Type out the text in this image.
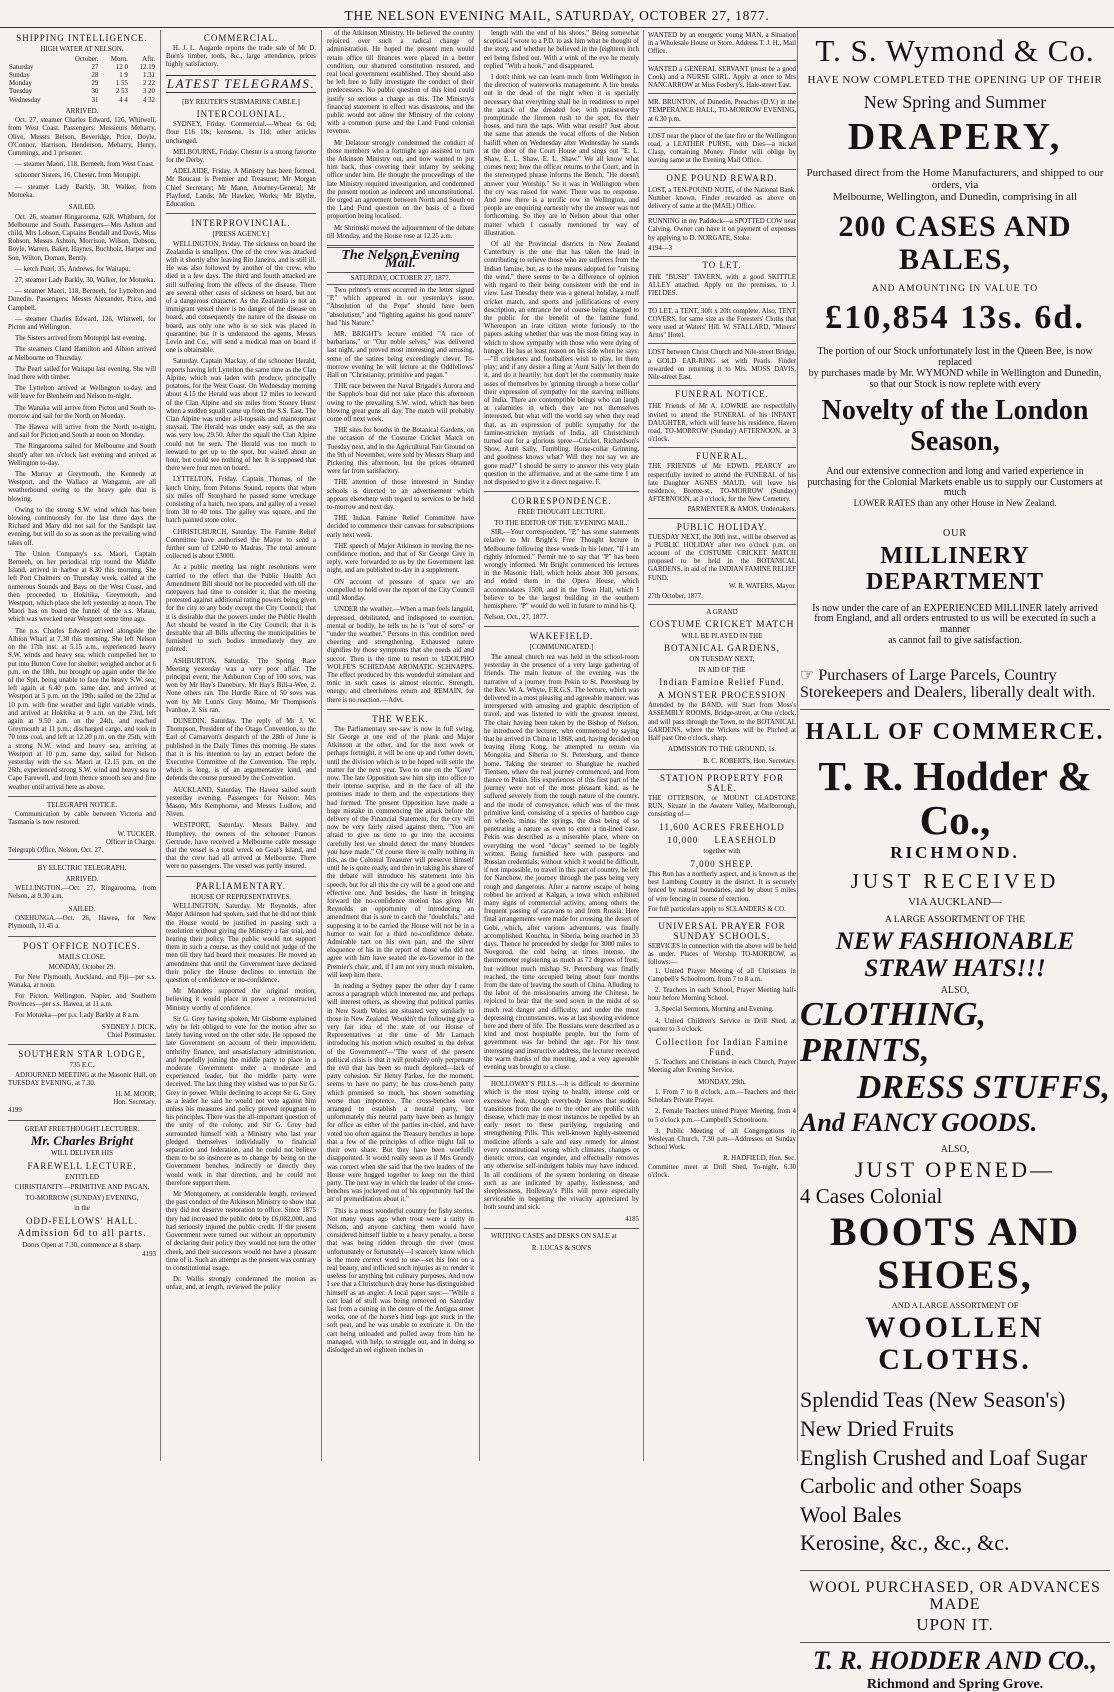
THE NELSON EVENING MAIL, SATURDAY, OCTOBER 27, 1877.
SHIPPING INTELLIGENCE.
HIGH WATER AT NELSON.
	October.	Morn.	Aftr.
Saturday	27	12 0	12.19
Sunday	28	1 9	1.31
Monday	29	1 55	2 22
Tuesday	30	2 53	3 20
Wednesday	31	4 4	4 32
ARRIVED.
Oct. 27, steamer Charles Edward, 126, Whitwell, from West Coast. Passengers: Messieurs Meharry, Olive, Messrs Belson, Beveridge, Price, Doyle, O'Connor, Harrison, Henderson, Meharry, Henry, Cummings, and 1 prisoner.
— steamer Maori, 118, Berneeh, from West Coast.
schooner Sisters, 16, Chester, from Motupipi.
— steamer Lady Barkly, 30, Walker, from Motueka.
SAILED.
Oct. 26, steamer Ringarooma, 628, Whitburn, for Melbourne and South. Passengers—Mrs Ashton and child, Mrs Lobson, Captains Bendall and Davis, Miss Robson, Messrs Ashton, Morrison, Wilson, Dobson, Boyle, Warren, Baker, Haynes, Buchholz, Harper and Son, Wilton, Doman, Bently.
— ketch Pearl, 35, Andrews, for Waitapu.
27, steamer Lady Barkly, 30, Walker, for Motueka.
— steamer Maori, 118, Berneeh, for Lyttelton and Dunedin. Passengers: Messrs Alexander, Price, and Campbell.
— steamer Charles Edward, 126, Whitwell, for Picton and Wellington.
The Sisters arrived from Motupipi last evening.
The steamers Cland Hamilton and Albion arrived at Melbourne on Thursday.
The Pearl sailed for Waitapu last evening. She will load there with timber.
The Lyttelton arrived at Wellington to-day, and will leave for Blenheim and Nelson to-night.
The Wanaka will arrive from Picton and South to-morrow and sail for the North on Monday.
The Hawea will arrive from the North to-night, and sail for Picton and South at noon on Monday.
The Ringarooma sailed for Melbourne and South shortly after ten o'clock last evening and arrived at Wellington to-day.
The Murray at Greymouth, the Kennedy at Westport, and the Wallace at Wanganui, are all weatherbound owing to the heavy gale that is blowing.
Owing to the strong S.W. wind which has been blowing continuously for the last three days the Richard and Mary did not sail for the Sandspit last evening, but will do so as soon as the prevailing wind takes off.
The Union Company's s.s. Maori, Captain Berneeh, on her periodical trip round the Middle Island, arrived in harbor at 8.30 this morning. She left Port Chalmers on Thursday week, called at the numerous Sounds and Bays on the West Coast, and then proceeded to Hokitika, Greymouth, and Westport, which place she left yesterday at noon. The Maori has on board the funnel of the s.s. Matau, which was wrecked near Westport some time ago.
The p.s. Charles Edward arrived alongside the Albion Wharf at 7.30 this morning. She left Nelson on the 17th inst. at 5.15 a.m., experienced heavy S.W. winds and heavy sea, which compelled her to put into Hutton Cove for shelter; weighed anchor at 6 p.m. on the 18th, but brought up again under the lee of the Spit, being unable to face the heavy S.W. sea; left again at 6.40 p.m. same day, and arrived at Westport at 5 p.m. on the 19th; sailed on the 22nd at 10 p.m. with fine weather and light variable winds, and arrived at Hokitika at 9 a.m. on the 23rd, left again at 9.50 a.m. on the 24th, and reached Greymouth at 11 p.m.; discharged cargo, and took in 70 tons coal, and left at 12.20 p.m. on the 25th, with a strong N.W. wind and heavy sea, arriving at Westport at 10 p.m. same day, sailed for Nelson yesterday with the s.s. Maori at 12.15 p.m. on the 26th, experienced strong S.W. wind and heavy sea to Cape Farewell, and from thence smooth sea and fine weather until arrival here as above.
TELEGRAPH NOTICE.
Communication by cable between Victoria and Tasmania is now restored.
W. TUCKER,
Officer in Charge.
Telegraph Office, Nelson, Oct. 27.
BY ELECTRIC TELEGRAPH.
ARRIVED.
WELLINGTON.—Oct. 27, Ringarooma, from Nelson, at 9.30 a.m.
SAILED.
ONEHUNGA.—Oct. 26, Hawea, for New Plymouth, 11.45 a.
POST OFFICE NOTICES.
MAILS CLOSE.
MONDAY, October 29.
For New Plymouth, Auckland, and Fiji—per s.s. Wanaka, at noon.
For Picton, Wellington, Napier, and Southern Provinces—per s.s. Hawea, at 11 a.m.
For Motueka—per p.s. Lady Barkly at 8 a.m.
SYDNEY J. DICK,
Chief Postmaster.
SOUTHERN STAR LODGE,
735 E.C.
ADJOURNED MEETING at the Masonic Hall, on TUESDAY EVENING, at 7.30.
H. M. MOOR,
Hon. Secretary.
4199
GREAT FREETHOUGHT LECTURER.
Mr. Charles Bright
WILL DELIVER HIS
FAREWELL LECTURE,
ENTITLED
CHRISTIANITY—PRIMITIVE AND PAGAN,
TO-MORROW (SUNDAY) EVENING,
in the
ODD-FELLOWS' HALL.
Admission 6d to all parts.
Doors Open at 7.30, commence at 8 sharp.
4193
COMMERCIAL.
H. J. L. Augarde reports the trade sale of Mr D. Burn's timber, tools, &c., large attendance, prices highly satisfactory.
LATEST TELEGRAMS.
[BY REUTER'S SUBMARINE CABLE.]
INTERCOLONIAL.
SYDNEY, Friday. Commercial.—Wheat 6s 6d; flour £16 10s; kerosene, 1s 11d; other articles unchanged.
MELBOURNE, Friday. Chester is a strong favorite for the Derby.
ADELAIDE, Friday. A Ministry has been formed. Mr Boucaut is Premier and Treasurer; Mr Morgan Chief Secretary; Mr Mann, Attorney-General; Mr Playford, Lands; Mr Hawker, Works; Mr Blythe, Education.
INTERPROVINCIAL.
[PRESS AGENCY.]
WELLINGTON, Friday. The sickness on board the Zealandia is smallpox. One of the crew was attacked with it shortly after leaving Rio Janeiro, and is still ill. He was also followed by another of the crew, who died in a few days. The third and fourth attacked are still suffering from the effects of the disease. There are several other cases of sickness on board, but not of a dangerous character. As the Zealandia is not an immigrant vessel there is no danger of the disease on board, and consequently the nature of the disease on board, aus only one who is so sick was placed in quarantine; but it is understood the agents, Messrs Levin and Co., will send a medical man on board if one is obtainable.
Saturday. Captain Mackay, of the schooner Herald, reports having left Lyttelton the same time as the Clan Alpine, which was laden with produce, principally potatoes, for the West Coast. On Wednesday morning about 4.15 the Herald was about 12 miles to leeward of the Clan Alpine and six miles from Stoney Hurst when a sudden squall came up from the S.S. East. The Clan Alpine was under a-ll-topsails and maintopmast staysail. The Herald was under easy sail, as the sea was very low, 29.50. After the squall the Clan Alpine could not be seen. The Herald was too much to leeward to get up to the spot, but waited about an hour, but could see nothing of her. It is supposed that there were four men on board.
LYTTELTON, Friday. Captain Thomas, of the ketch Unity, from Pelorus Sound, reports that when six miles off Stonyhard he passed some wreckage consisting of a hatch, two spars, and galley of a vessel from 30 to 40 tons. The galley was square, and the hatch painted stone color.
CHRISTCHURCH, Saturday. The Famine Relief Committee have authorised the Mayor to send a further sum of £2040 to Madras. The total amount collected is about £3000.
At a public meeting last night resolutions were carried to the effect that the Public Health Act Amendment Bill should not be proceeded with till the ratepayers had time to consider it, that the meeting protested against additional rating powers being given for the city to any body except the City Council; that it is desirable that the powers under the Public Health Act should be vested in the City Council; that it is desirable that all Bills affecting the municipalities be furnished to such bodies immediately they are printed.
ASHBURTON, Saturday. The Spring Race Meeting yesterday was a very poor affair. The principal event, the Ashburton Cup of 100 sovs, was won by Mr Hay's Danebury, Mr Hay's Bill-a-Wee, 2. None others ran. The Hurdle Race of 50 sovs was won by Mr Lunn's Grey Momo, Mr Thompson's Ivanhoe, 2. Six ran.
DUNEDIN, Saturday. The reply of Mr J. W. Thompson, President of the Otago Convention, to the Earl of Carnarvon's despatch of the 28th of June is published in the Daily Times this morning. He states that it is his intention to lay an extract before the Executive Committee of the Convention. The reply, which is long, is of an argumentative kind, and defends the course pursued by the Convention.
AUCKLAND, Saturday. The Hawea sailed south yesterday evening. Passengers for Nelson: Mrs Mason, Mrs Kemphorne, and Messrs Ludlow, and Niven.
WESTPORT, Saturday. Messrs Bailey and Humphrey, the owners of the schooner Frances Gertrude, have received a Melbourne cable message that the vessel is a total wreck on Goat's Island, and that the crew had all arrived at Melbourne. There were no passengers. The vessel was partly insured.
PARLIAMENTARY.
HOUSE OF REPRESENTATIVES.
WELLINGTON, Saturday. Mr Reynolds, after Major Atkinson had spoken, said that he did not think the House would be justified in passing such a resolution without giving the Ministry a fair trial, and hearing their policy. The public would not support them in such a course, as they could not judge of the men till they had heard their measures. He moved an amendment that until the Government have declared their policy the House declines to entertain the question of confidence or no-confidence.
Mr Manders supported the original motion, believing it would place in power a reconstructed Ministry worthy of confidence.
Sir G. Grey having spoken, Mr Gisborne explained why he felt obliged to vote for the motion after so lately having voted on the other side. He opposed the late Government on account of their improvident, unthrifty finance, and unsatisfactory administration, and hopefully joining the middle party to place in a moderate Government under a moderate and experienced leader, but the middle party were deceived. The last thing they wished was to put Sir G. Grey in power. While declining to accept Sir G. Grey as a leader he said he would not vote against him unless his measures and policy proved repugnant to his principles. There was the all-important question of the unity of the colony, and Sir G. Grey had surrounded himself with a Ministry who last year pledged themselves individually to financial separation and federation, and he could not believe them to be so insincere as to change by being on the Government benches, indirectly or directly they would work in that direction, and he could not therefore support them.
Mr Montgomery, at considerable length, reviewed the past conduct of the Atkinson Ministry to show that they did not deserve restoration to office. Since 1875 they had increased the public debt by £6,082,000, and had seriously injured the public credit. If the present Government were turned out without an opportunity of declaring their policy they would not turn the other cheek, and their successors would not have a pleasant time of it. Such an attempt as the present was contrary to constitutional usage.
Dr. Wallis strongly condemned the motion as unfair, and, at length, reviewed the policy
of the Atkinson Ministry. He believed the country rejoiced over such a radical change of administration. He hoped the present men would retain office till finances were placed in a better condition, our shattered constitution restored, and real local government established. They should also be left free to fully investigate the conduct of their predecessors. No public question of this kind could justify so serious a charge as this. The Ministry's financial statement in effect was disastrous, and the public would not allow the Ministry of the colony with a common purse and the Land Fund colonial revenue.
Mr Delatour strongly condemned the conduct of those members who a fortnight ago assisted to turn the Atkinson Ministry out, and now wanted to put him back, thus covering their infamy by seeking office under him. He thought the proceedings of the late Ministry required investigation, and condemned the present motion as indecent and unconstitutional. He urged an agreement between North and South on the Land Fund question on the basis of a fixed proportion being localised.
Mr Shrimski moved the adjournment of the debate till Monday, and the House rose at 12.25 a.m.
The Nelson Evening Mail.
SATURDAY, OCTOBER 27, 1877.
Two printer's errors occurred in the letter signed "P," which appeared in our yesterday's issue. "Absolution of the Pope" should have been "absolutism," and "fighting against his good nature" had "his Nature."
MR. BRIGHT's lecture entitled "A race of barbarians," or "Our noble selves," was delivered last night, and proved most interesting and amusing, some of the satires being exceedingly clever. To-morrow evening he will lecture at the Oddfellows' Hall on "Christianity, primitive and pagan."
THE race between the Naval Brigade's Aurora and the Sappho's boat did not take place this afternoon owing to the prevailing S.W. wind, which has been blowing great guns all day. The match will probably come off next week.
THE sites for booths in the Botanical Gardens, on the occasion of the Costume Cricket Match on Tuesday next, and in the Agricultural Fair Ground on the 9th of November, were sold by Messrs Sharp and Pickering this afternoon, but the prices obtained were far from satisfactory.
THE attention of those interested in Sunday schools is directed to an advertisement which appears elsewhere with regard to services to be held to-morrow and next day.
THE Indian Famine Relief Committee have decided to commence their canvass for subscriptions early next week.
THE speech of Major Atkinson in moving the no-confidence motion, and that of Sir George Grey in reply, were forwarded to us by the Government last night, and are published to-day in a supplement.
ON account of pressure of space we are compelled to hold over the report of the City Council until Monday.
UNDER the weather.—When a man feels languid, depressed, debilitated, and indisposed to exertion, mental or bodily, he tells us he is "out of sorts" or "under the weather." Persons in this condition need cheering and strengthening. Exhausted nature dignifies by those symptoms that she needs aid and succor. Then is the time to resort to UDOLPHO WOLFE'S SCHIEDAM AROMATIC SCHNAPPS. The effect produced by this wonderful stimulant and tonic in such cases is almost electric. Strength, energy, and cheerfulness return and REMAIN, for there is no reaction.—Advt.
THE WEEK.
The Parliamentary see-saw is now in full swing, Sir George at one end of the plank and Major Atkinson at the other, and for the next week or perhaps fortnight, it will be one up and t'other down, until the division which is to be hoped will settle the matter for the next year. Two to one on the "Grey" now. The late Opposition saw him slip into office to their intense surprise, and in the face of all the promises made to them and the expectations they had formed. The present Opposition have made a huge mistake in commencing the attack before the delivery of the Financial Statement, for the cry will now be very fairly raised against them, "You are afraid to give us time to go into the accounts carefully lest we should detect the many blunders you have made." Of course there is really nothing in this, as the Colonial Treasurer will preserve himself until he is quite ready, and then in taking his share of the debate will introduce his statement into his speech, but for all this the cry will be a good one and effective one. And besides, the haste in bringing forward the no-confidence motion has given Mr Reynolds an opportunity of introducing an amendment that is sure to catch the "doubtfuls," and supposing it to be carried the House will not be in a humor to wait for a third no-confidence debate. Admirable tact on his own part, and the silver eloquence of his in the report of those who did not agree with him have seated the ex-Governor in the Premier's chair, and, if I am not very much mistaken, will keep him there.
In reading a Sydney paper the other day I came across a paragraph which interested me, and perhaps will interest others, as showing that political parties in New South Wales are situated very similarly to those in New Zealand. Wouldn't the following give a very fair idea of the state of our House of Representatives at the time of Mr Larnach introducing his motion which resulted in the defeat of the Government?—"The worst of the present political crisis is that it will probably only perpetuate the evil that has been so much deplored—lack of party cohesion. Sir Henry Parkes, for the moment, seems to have no party; he has cross-bench party which promised so much, has shown something worse than impotence. The cross-benches were arranged to establish a neutral party, but unfortunately this neutral party have been as hungry for office as either of the parties in-chief, and have voted too often against the Treasury benches in hope that a few of the principles of office might fall to their own share. But they have been woefully disappointed. It would really seem as if Mrs Grundy was correct when she said that the two leaders of the House were hugged together to keep out the third party. The next way in which the leader of the cross-benches was jockeyed out of his opportunity had the air of premeditation about it."
This is a most wonderful country for fishy stories. Not many years ago when trout were a rarity in Nelson, and anyone catching them would have considered himself liable to a heavy penalty, a horse that was being ridden through the river (most unfortunately or fortunately—I scarcely know which is the more correct word to use—set his foot on a real beauty, and inflicted such injuries as to render it useless for anything but culinary purposes. And now I see that a Christchurch dray horse has distinguished himself as an angler. A local paper says:—"While a cart load of stuff was being removed on Saturday last from a cutting in the centre of the Antigua street works, one of the horse's hind legs got stuck in the soft peat, and he was unable to extricate it. On the cart being unloaded and pulled away from him he managed, with help, to struggle out, and in doing so dislodged an eel eighteen inches in
length with the end of his shoes." Being somewhat sceptical I wrote to a P.D. to ask him what he thought of the story, and whether he believed in the (eighteen inch eel being fished out. With a wink of the eye he merely replied "With a hook," and disappeared.
I don't think we can learn much from Wellington in the direction of waterworks management. A fire breaks out in the dead of the night when it is specially necessary that everything shall be in readiness to repel the attack of the dreaded foe; with praiseworthy promptitude the firemen rush to the spot, fix their hoses, and turn the taps. With what result? Just about the same that attends the vocal efforts of the Nelson bailiff when on Wednesday after Wednesday he stands at the door of the Court House and sings out "E. L. Shaw, E. L. Shaw, E. L. Shaw." We all know what comes next; how the officer returns to the Court, and in the stereotyped phrase informs the Bench, "He doesn't answer your Worship." So it was in Wellington when the cry was raised for water. There was no response. And now there is a terrific row in Wellington, and people are enquiring earnestly why the answer was not forthcoming. So they are in Nelson about that other matter which I casually mentioned by way of illustration.
Of all the Provincial districts in New Zealand Canterbury is the one that has taken the lead in contributing to relieve those who are sufferers from the Indian famine, but, as to the means adopted for "raising the wind," there seems to be a difference of opinion with regard to their being consistent with the end in view. Last Tuesday there was a general holiday, a muff cricket match, and sports and jollifications of every description, an entrance fee of course being charged to the public for the benefit of the famine fund. Whereupon an irate citizen wrote furiously to the papers asking whether that was the most fitting way in which to show sympathy with those who were dying of hunger. He has at least reason on his side when he says:—"If cricketers and footballers wish to play, let them play; and if any desire a fling at 'Aunt Sally' let them do it, and do it heartily; but don't let the community make asses of themselves by 'grinning through a horse collar' their expression of sympathy for the starving millions of India. There are contemptible beings who can laugh at calamities in which they are not themselves interested, but what will the world say when they read that, as an expression of public sympathy for the famine-stricken myriads of India, all Christchurch turned out for a glorious spree—Cricket, Richardson's Show, Aunt Sally, Tumbling, Horse-collar Grinning, and goodness knows what? Will they not say we are gone mad?" I should be sorry to answer this very plain question in the affirmative, and at the same time I am not disposed to give it a direct negative. F.
CORRESPONDENCE.
FREE THOUGHT LECTURE.
TO THE EDITOR OF THE 'EVENING MAIL.'
SIR,—Your correspondent, "P," has some statements relative to Mr Bright's Free Thought lecture in Melbourne following these words in his letter, "If I am rightly informed." Permit me to say that "P" has been wrongly informed. Mr Bright commenced his lectures in the Masonic Hall, which holds about 300 persons, and ended them in the Opera House, which accommodates 1500, and in the Town Hall, which I believe to be the largest building in the southern hemisphere. "P" would do well in future to mind his Q.
Nelson, Oct., 27, 1877.
WAKEFIELD.
[COMMUNICATED.]
The annual church tea was held in the school-room yesterday in the presence of a very large gathering of friends. The main feature of the evening was the narrative of a journey from Pekin to St. Petersburg by the Rev. W. A. Whyte, F.R.G.S. The lecture, which was delivered in a most pleasing and agreeable manner, was interspersed with amusing and graphic description of travel, and was listened to with the greatest interest. The chair having been taken by the Bishop of Nelson, he introduced the lecturer, who commenced by saying that he arrived in China in 1868, and, having decided on leaving Hong Kong, he attempted to return via Mongolia and Siberia to St. Petersburg, and thence home. Taking the steamer to Shanghae he reached Tientsen, where the real journey commenced, and from thence to Pekin. His experiences of this first part of the journey were not of the most pleasant kind, as he suffered severely from the rough nature of the country, and the mode of conveyance, which was of the most primitive kind, consisting of a species of bamboo cage on wheels, minus the springs, the dust being of so penetrating a nature as even to enter a tin-lined case. Pekin was described as a miserable place, where on everything the word "decay" seemed to be legibly written. Being furnished here with passports and Russian credentials, without which it would be difficult, if not impossible, to travel in this part of country, he left for Nanchow, the journey through the pass being very rough and dangerous. After a narrow escape of being robbed he arrived at Kalgan, a town which exhibited many signs of commercial activity, among others the frequent passing of caravans to and from Russia. Here final arrangements were made for crossing the desert of Gobi, which, after various adventures, was finally accomplished. Kouchta, in Siberia, being reached in 33 days. Thence he proceeded by sledge for 3000 miles to Novgorod, the cold being at times intense, the thermometer registering as much as 72 degrees of frost; but without much mishap St. Petersburg was finally reached, the time occupied being about four months from the date of leaving the south of China. Alluding to the labor of the missionaries among the Chinese, he rejoiced to hear that the seed sown in the midst of so much real danger and difficulty, and under the most depressing circumstances, was at last showing evidence here and there of life. The Russians were described as a kind and most hospitable people, but the form of government was far behind the age. For his most interesting and instructive address, the lecturer received the warm thanks of the meeting, and a very agreeable evening was brought to a close.
HOLLOWAY'S PILLS.—It is difficult to determine which is the most trying to health, intense cold or excessive heat, though everybody knows that sudden transitions from the one to the other are prolific with disease, which may in most instances be repelled by an early resort to these purifying, regulating and strengthening Pills. This well-known highly-esteemed medicine affords a safe and easy remedy for almost every constitutional wrong which climates, changes or dietetic errors, can engender, and effectually removes any otherwise self-indulgent habits may have induced. In all conditions of the system bordering on disease such as are indicated by apathy, listlessness, and sleeplessness, Holloway's Pills will prove especially serviceable in begetting the vivacity appreciated by both sound and sick.
4185
WRITING CASES and DESKS ON SALE at
R. LUCAS & SON'S
WANTED by an energetic young MAN, a Situation in a Wholesale House or Store. Address T. J. H., Mail Office.
WANTED a GENERAL SERVANT (must be a good Cook) and a NURSE GIRL. Apply at once to Mrs NANCARROW at Miss Fosbery's, Hale-street East.
MR. BRUNTON, of Dunedin, Preaches (D.V.) in the TEMPERANCE HALL, TO-MORROW EVENING, at 6.30 p.m.
LOST near the place of the late fire or the Wellington road, a LEATHER PURSE, with Dies—a nickel Clasp, containing Money. Finder will oblige by leaving same at the Evening Mail Office.
ONE POUND REWARD.
LOST, a TEN-POUND NOTE, of the National Bank. Number known. Finder rewarded as above on delivery of same at the (MAIL) Office.
RUNNING in my Paddock—a SPOTTED COW near Calving. Owner can have it on payment of expenses by applying to D. NORGATE, Stoke.
4194—3
TO LET.
THE "BUSH" TAVERN, with a good SKITTLE ALLEY attached. Apply on the premises, to J. FIELDES.
TO LET, a TENT, 30ft x 20ft complete. Also, TENT COVERS, for same size as the Foresters' Cloths that were used at Waters' Hill. W. STALLARD, "Miners' Arms" Hotel.
LOST between Christ Church and Nile-street Bridge, a GOLD EAR-RING set with Pearls. Finder rewarded on returning it to Mrs. MOSS DAVIS, Nile-street East.
FUNERAL NOTICE.
THE Friends of Mr A. LOWRIE are respectfully invited to attend the FUNERAL of his INFANT DAUGHTER, which will leave his residence, Haven road, TO-MORROW (Sunday) AFTERNOON, at 3 o'clock.
FUNERAL.
THE FRIENDS of Mr EDWD. PEARCY are respectfully invited to attend the FUNERAL of his late Daughter AGNES MAUD, will leave his residence, Bronte-st., TO-MORROW (Sunday) AFTERNOON, at 3 o'clock, for the New Cemetery.
PARMENTER & AMOS, Undertakers.
PUBLIC HOLIDAY.
TUESDAY NEXT, the 30th inst., will be observed as a PUBLIC HOLIDAY after two o'clock p.m. on account of the COSTUME CRICKET MATCH proposed to be held in the BOTANICAL GARDENS, in aid of the INDIAN FAMINE RELIEF FUND.
W. R. WATERS, Mayor.
27th October, 1877.
A GRAND
COSTUME CRICKET MATCH
WILL BE PLAYED IN THE
BOTANICAL GARDENS,
ON TUESDAY NEXT,
IN AID OF THE
Indian Famine Relief Fund.
A MONSTER PROCESSION
Attended by the BAND, will Start from Moss's ASSEMBLY ROOMS, Bridge-street, at One o'clock, and will pass through the Town, to the BOTANICAL GARDENS, where the Wickets will be Pitched at Half past One o'clock, sharp.
ADMISSION TO THE GROUND, 1s.
B. C. ROBERTS, Hon. Secretary.
STATION PROPERTY FOR SALE.
THE OTTERSON, or MOUNT GLADSTONE RUN, Situate in the Awatere Valley, Marlborough, consisting of—
11,600 ACRES FREEHOLD
10,000     LEASEHOLD
together with
7,000 SHEEP.
This Run has a northerly aspect, and is known as the best Lambing Country in the district. It is securely fenced by natural boundaries, and by about 5 miles of wire fencing in course of erection.
For full particulars apply to SCLANDERS & CO.
UNIVERSAL PRAYER FOR SUNDAY SCHOOLS.
SERVICES in connection with the above will be held as under. Places of Worship TO-MORROW, as follows:—
1. United Prayer Meeting of all Christians in Campbell's Schoolroom, from 7 to 8 a.m.
2. Teachers in each School, Prayer Meeting half-hour before Morning School.
3. Special Sermons, Morning and Evening.
4. United Children's Service in Drill Shed, at quarter to 3 o'clock.
Collection for Indian Famine Fund.
5. Teachers and Christians in each Church, Prayer Meeting after Evening Service.
MONDAY, 29th.
1. From 7 to 8 o'clock, a.m.—Teachers and their Scholars Private Prayer.
2. Female Teachers united Prayer Meeting, from 4 to 5 o'clock p.m.—Campbell's Schoolroom.
3. Public Meeting of all Congregations in Wesleyan Church, 7.30 p.m—Addresses on Sunday School Work.
R. HADFIELD, Hon. Sec.
Committee meet at Drill Shed, To-night, 6.30 o'clock.
T. S. Wymond & Co.
HAVE NOW COMPLETED THE OPENING UP OF THEIR
New Spring and Summer
DRAPERY,
Purchased direct from the Home Manufacturers, and shipped to our orders, via
Melbourne, Wellington, and Dunedin, comprising in all
200 CASES AND BALES,
AND AMOUNTING IN VALUE TO
£10,854 13s. 6d.
The portion of our Stock unfortunately lost in the Queen Bee, is now replaced
by purchases made by Mr. WYMOND while in Wellington and Dunedin,
so that our Stock is now replete with every
Novelty of the London Season,
And our extensive connection and long and varied experience in
purchasing for the Colonial Markets enable us to supply our Customers at much
LOWER RATES than any other House in New Zealand.
OUR
MILLINERY DEPARTMENT
Is now under the care of an EXPERIENCED MILLINER lately arrived
from England, and all orders entrusted to us will be executed in such a manner
as cannot fail to give satisfaction.
☞ Purchasers of Large Parcels, Country Storekeepers and Dealers, liberally dealt with.
HALL OF COMMERCE.
T. R. Hodder & Co.,
RICHMOND.
JUST RECEIVED
VIA AUCKLAND—
A LARGE ASSORTMENT OF THE
NEW FASHIONABLE STRAW HATS!!!
ALSO,
CLOTHING, PRINTS,
DRESS STUFFS,
And FANCY GOODS.
ALSO,
JUST OPENED—
4 Cases Colonial
BOOTS AND SHOES,
AND A LARGE ASSORTMENT OF
WOOLLEN CLOTHS.
Splendid Teas (New Season's)
New Dried Fruits
English Crushed and Loaf Sugar
Carbolic and other Soaps
Wool Bales
Kerosine, &c., &c., &c.
WOOL PURCHASED, OR ADVANCES MADE
UPON IT.
T. R. HODDER AND CO.,
Richmond and Spring Grove.
